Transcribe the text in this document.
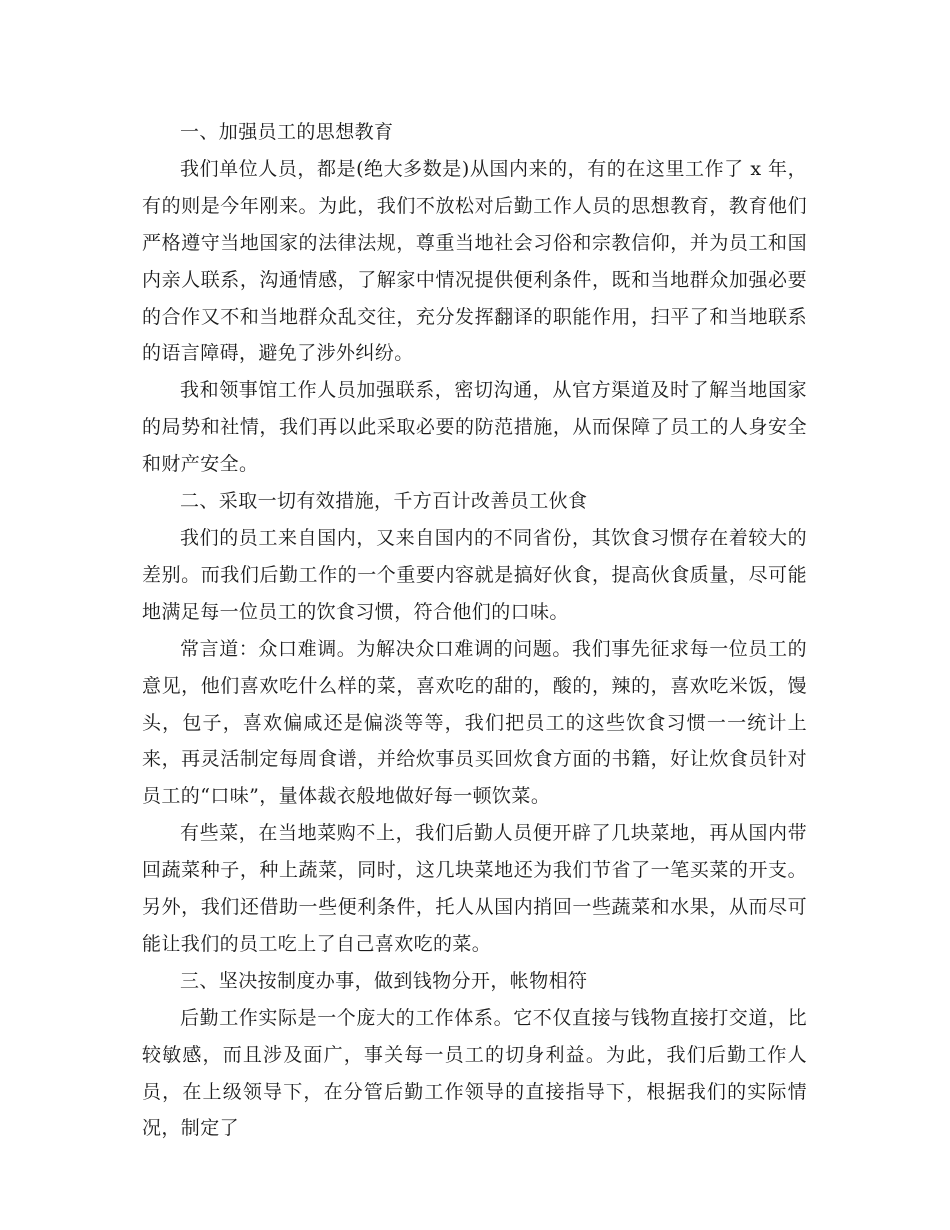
一、加强员工的思想教育

我们单位人员，都是(绝大多数是)从国内来的，有的在这里工作了 x 年，有的则是今年刚来。为此，我们不放松对后勤工作人员的思想教育，教育他们严格遵守当地国家的法律法规，尊重当地社会习俗和宗教信仰，并为员工和国内亲人联系，沟通情感，了解家中情况提供便利条件，既和当地群众加强必要的合作又不和当地群众乱交往，充分发挥翻译的职能作用，扫平了和当地联系的语言障碍，避免了涉外纠纷。

我和领事馆工作人员加强联系，密切沟通，从官方渠道及时了解当地国家的局势和社情，我们再以此采取必要的防范措施，从而保障了员工的人身安全和财产安全。

二、采取一切有效措施，千方百计改善员工伙食

我们的员工来自国内，又来自国内的不同省份，其饮食习惯存在着较大的差别。而我们后勤工作的一个重要内容就是搞好伙食，提高伙食质量，尽可能地满足每一位员工的饮食习惯，符合他们的口味。

常言道：众口难调。为解决众口难调的问题。我们事先征求每一位员工的意见，他们喜欢吃什么样的菜，喜欢吃的甜的，酸的，辣的，喜欢吃米饭，馒头，包子，喜欢偏咸还是偏淡等等，我们把员工的这些饮食习惯一一统计上来，再灵活制定每周食谱，并给炊事员买回炊食方面的书籍，好让炊食员针对员工的“口味”，量体裁衣般地做好每一顿饮菜。

有些菜，在当地菜购不上，我们后勤人员便开辟了几块菜地，再从国内带回蔬菜种子，种上蔬菜，同时，这几块菜地还为我们节省了一笔买菜的开支。另外，我们还借助一些便利条件，托人从国内捎回一些蔬菜和水果，从而尽可能让我们的员工吃上了自己喜欢吃的菜。

三、坚决按制度办事，做到钱物分开，帐物相符

后勤工作实际是一个庞大的工作体系。它不仅直接与钱物直接打交道，比较敏感，而且涉及面广，事关每一员工的切身利益。为此，我们后勤工作人员，在上级领导下，在分管后勤工作领导的直接指导下，根据我们的实际情况，制定了
